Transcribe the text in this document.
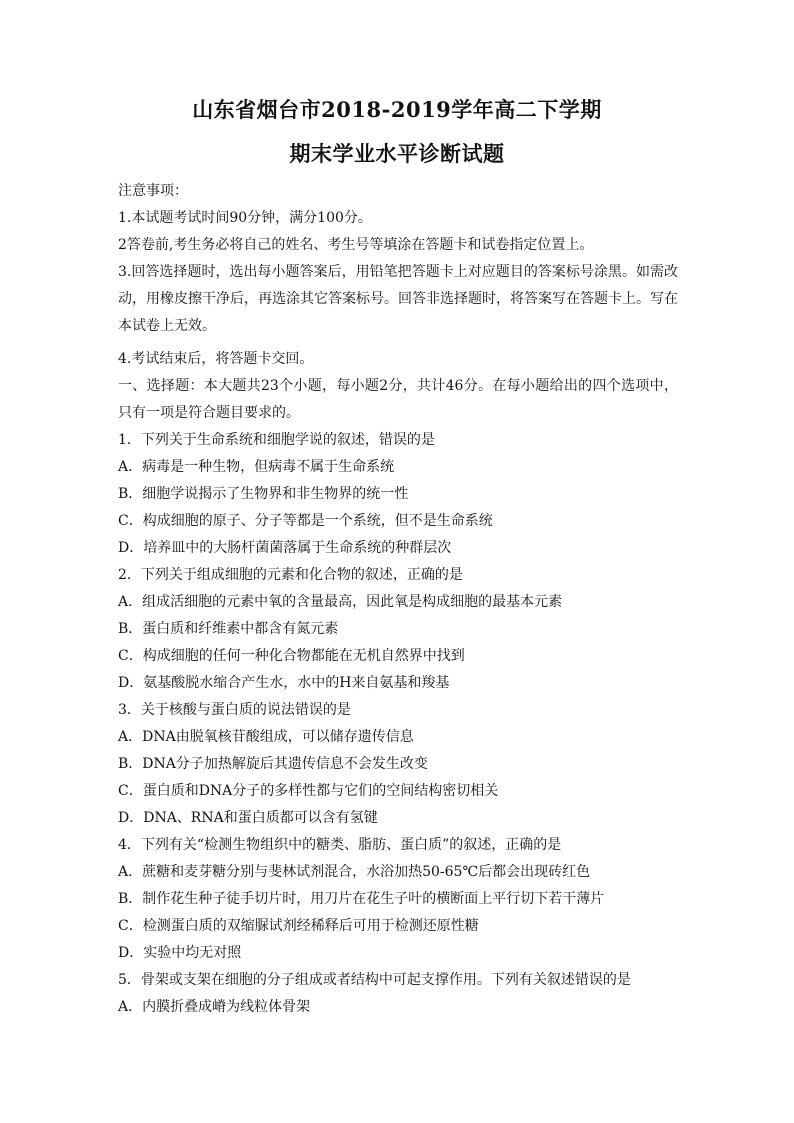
山东省烟台市2018-2019学年高二下学期
期末学业水平诊断试题
注意事项：
1.本试题考试时间90分钟，满分100分。
2答卷前,考生务必将自己的姓名、考生号等填涂在答题卡和试卷指定位置上。
3.回答选择题时，选出每小题答案后，用铅笔把答题卡上对应题目的答案标号涂黑。如需改动，用橡皮擦干净后，再选涂其它答案标号。回答非选择题时，将答案写在答题卡上。写在本试卷上无效。
4.考试结束后，将答题卡交回。
一、选择题：本大题共23个小题，每小题2分，共计46分。在每小题给出的四个选项中，只有一项是符合题目要求的。
1．下列关于生命系统和细胞学说的叙述，错误的是
A．病毒是一种生物，但病毒不属于生命系统
B．细胞学说揭示了生物界和非生物界的统一性
C．构成细胞的原子、分子等都是一个系统，但不是生命系统
D．培养皿中的大肠杆菌菌落属于生命系统的种群层次
2．下列关于组成细胞的元素和化合物的叙述，正确的是
A．组成活细胞的元素中氧的含量最高，因此氧是构成细胞的最基本元素
B．蛋白质和纤维素中都含有氮元素
C．构成细胞的任何一种化合物都能在无机自然界中找到
D．氨基酸脱水缩合产生水，水中的H来自氨基和羧基
3．关于核酸与蛋白质的说法错误的是
A．DNA由脱氧核苷酸组成，可以储存遗传信息
B．DNA分子加热解旋后其遗传信息不会发生改变
C．蛋白质和DNA分子的多样性都与它们的空间结构密切相关
D．DNA、RNA和蛋白质都可以含有氢键
4．下列有关“检测生物组织中的糖类、脂肪、蛋白质”的叙述，正确的是
A．蔗糖和麦芽糖分别与斐林试剂混合，水浴加热50-65℃后都会出现砖红色
B．制作花生种子徒手切片时，用刀片在花生子叶的横断面上平行切下若干薄片
C．检测蛋白质的双缩脲试剂经稀释后可用于检测还原性糖
D．实验中均无对照
5．骨架或支架在细胞的分子组成或者结构中可起支撑作用。下列有关叙述错误的是
A．内膜折叠成嵴为线粒体骨架
